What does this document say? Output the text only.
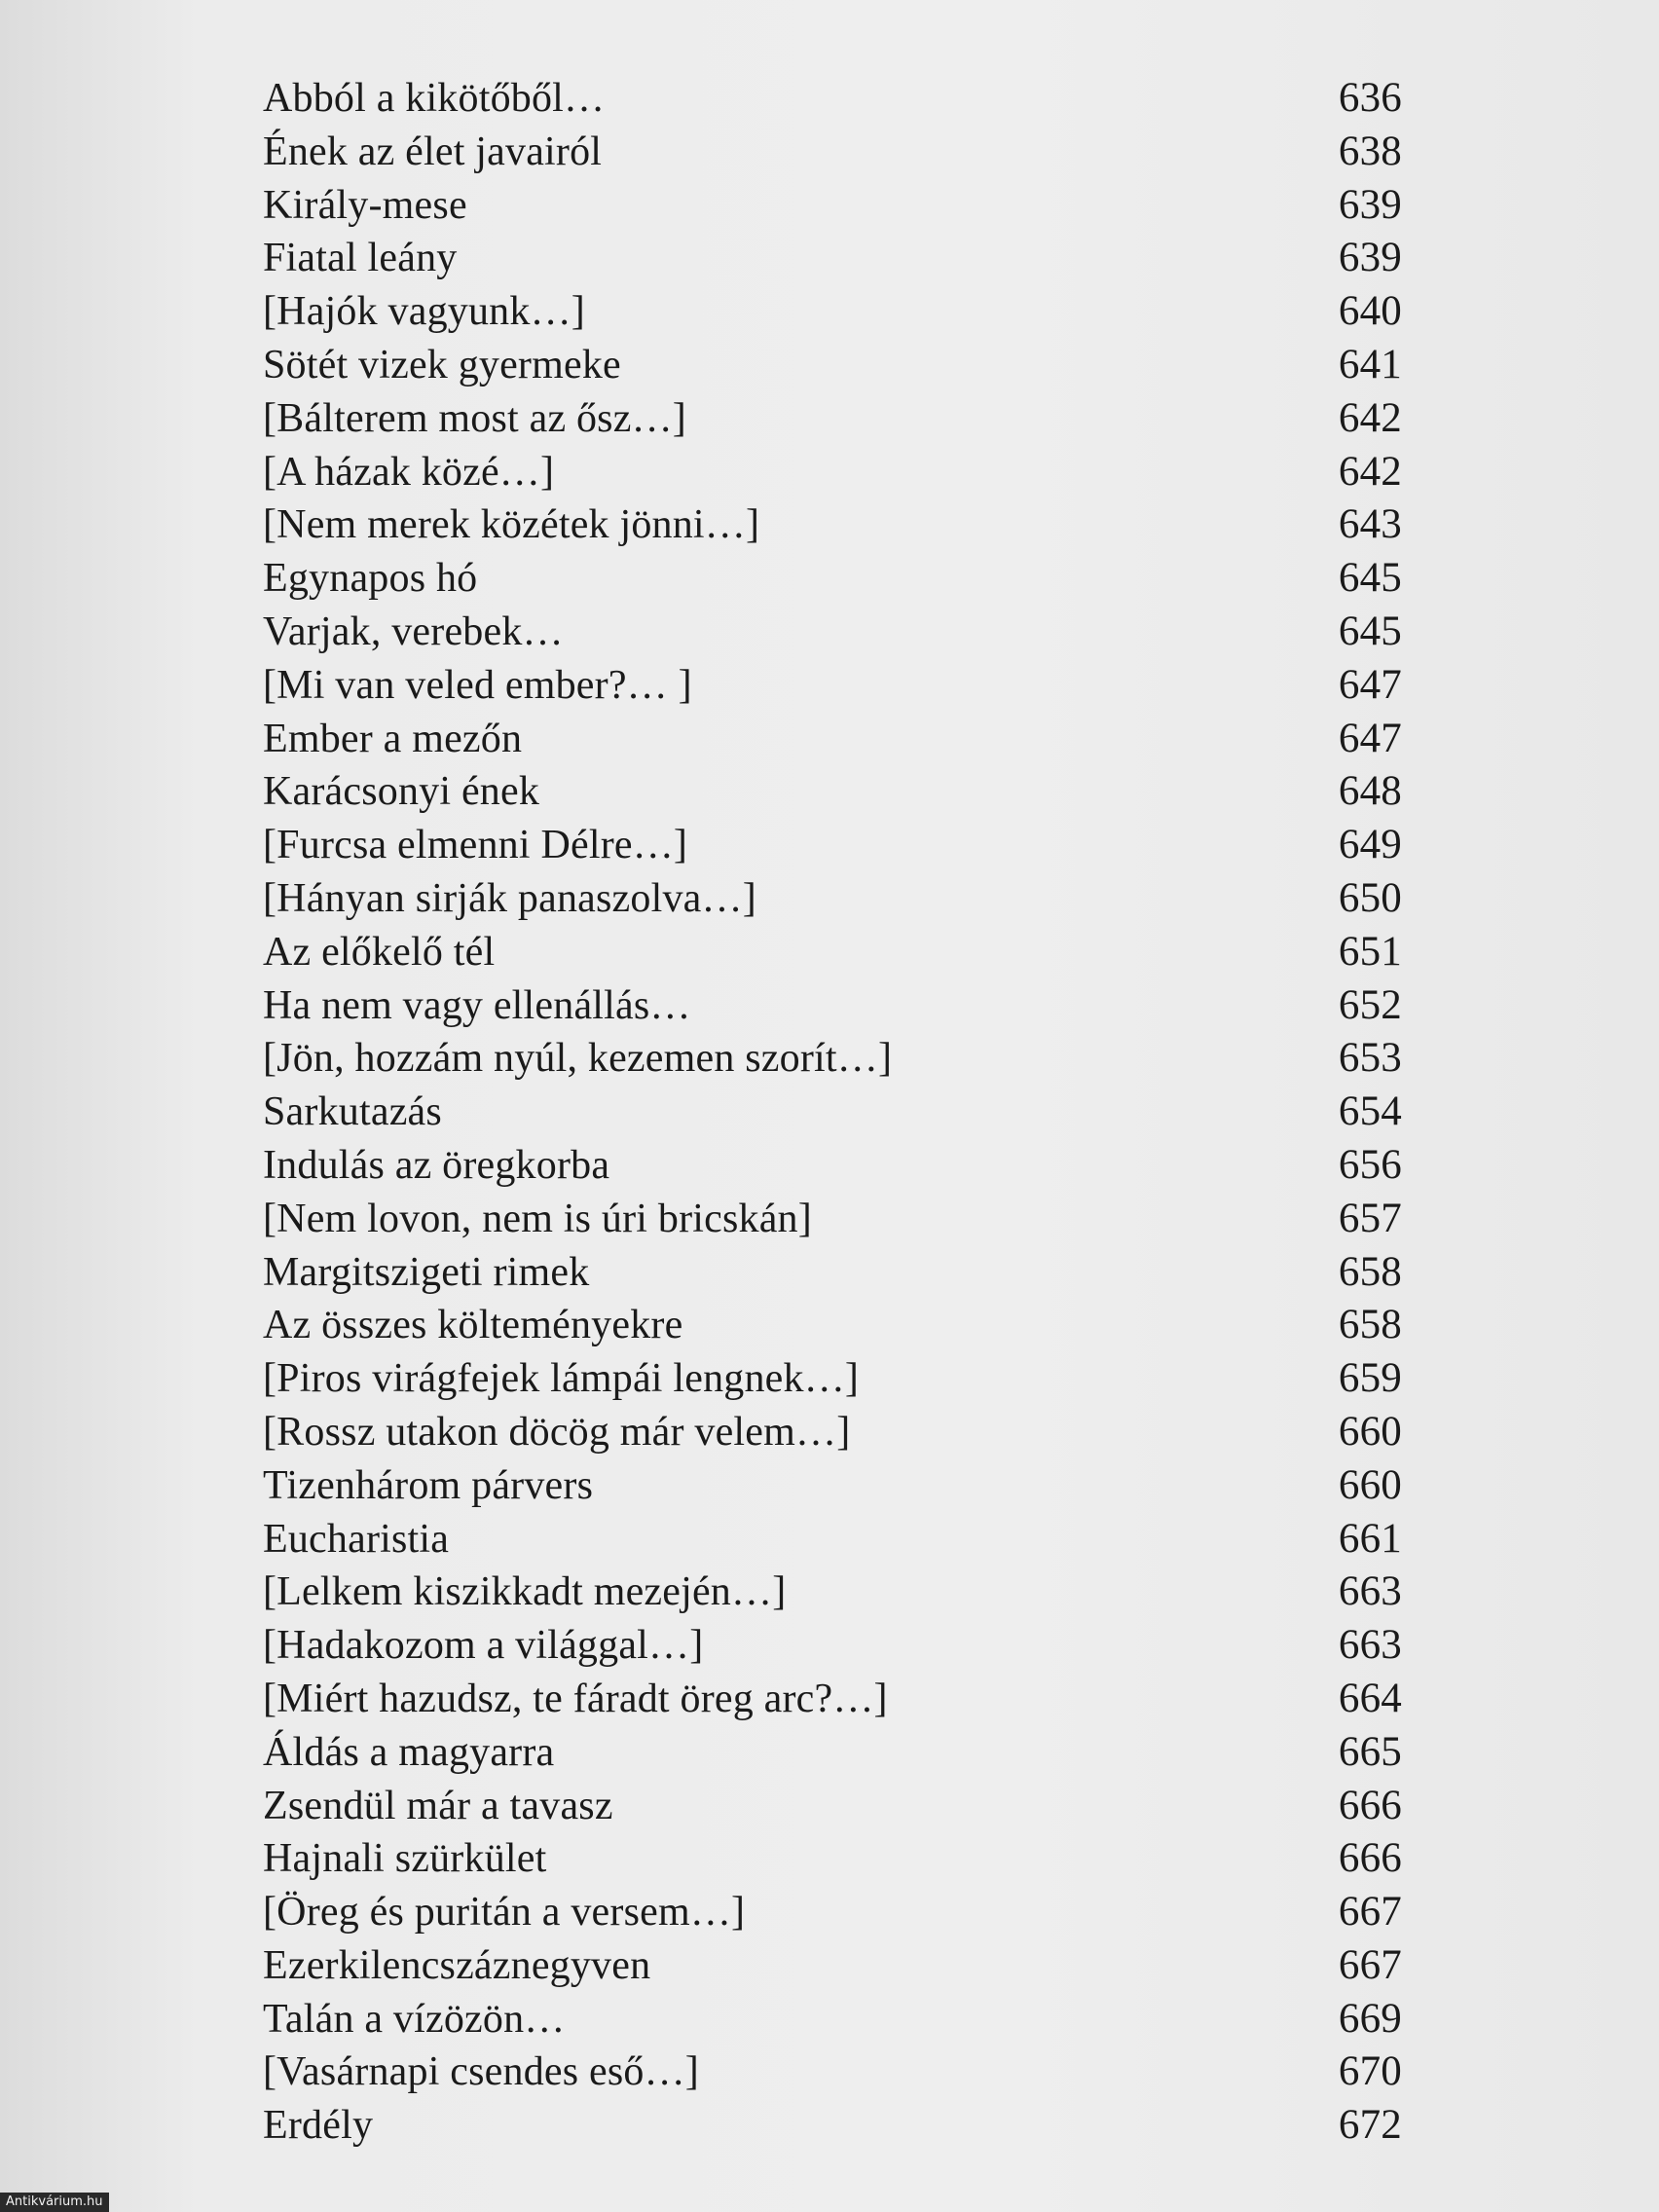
Abból a kikötőből…	636
Ének az élet javairól	638
Király-mese	639
Fiatal leány	639
[Hajók vagyunk…]	640
Sötét vizek gyermeke	641
[Bálterem most az ősz…]	642
[A házak közé…]	642
[Nem merek közétek jönni…]	643
Egynapos hó	645
Varjak, verebek…	645
[Mi van veled ember?… ]	647
Ember a mezőn	647
Karácsonyi ének	648
[Furcsa elmenni Délre…]	649
[Hányan sirják panaszolva…]	650
Az előkelő tél	651
Ha nem vagy ellenállás…	652
[Jön, hozzám nyúl, kezemen szorít…]	653
Sarkutazás	654
Indulás az öregkorba	656
[Nem lovon, nem is úri bricskán]	657
Margitszigeti rimek	658
Az összes költeményekre	658
[Piros virágfejek lámpái lengnek…]	659
[Rossz utakon döcög már velem…]	660
Tizenhárom párvers	660
Eucharistia	661
[Lelkem kiszikkadt mezején…]	663
[Hadakozom a világgal…]	663
[Miért hazudsz, te fáradt öreg arc?…]	664
Áldás a magyarra	665
Zsendül már a tavasz	666
Hajnali szürkület	666
[Öreg és puritán a versem…]	667
Ezerkilencszáznegyven	667
Talán a vízözön…	669
[Vasárnapi csendes eső…]	670
Erdély	672
Antikvárium.hu
